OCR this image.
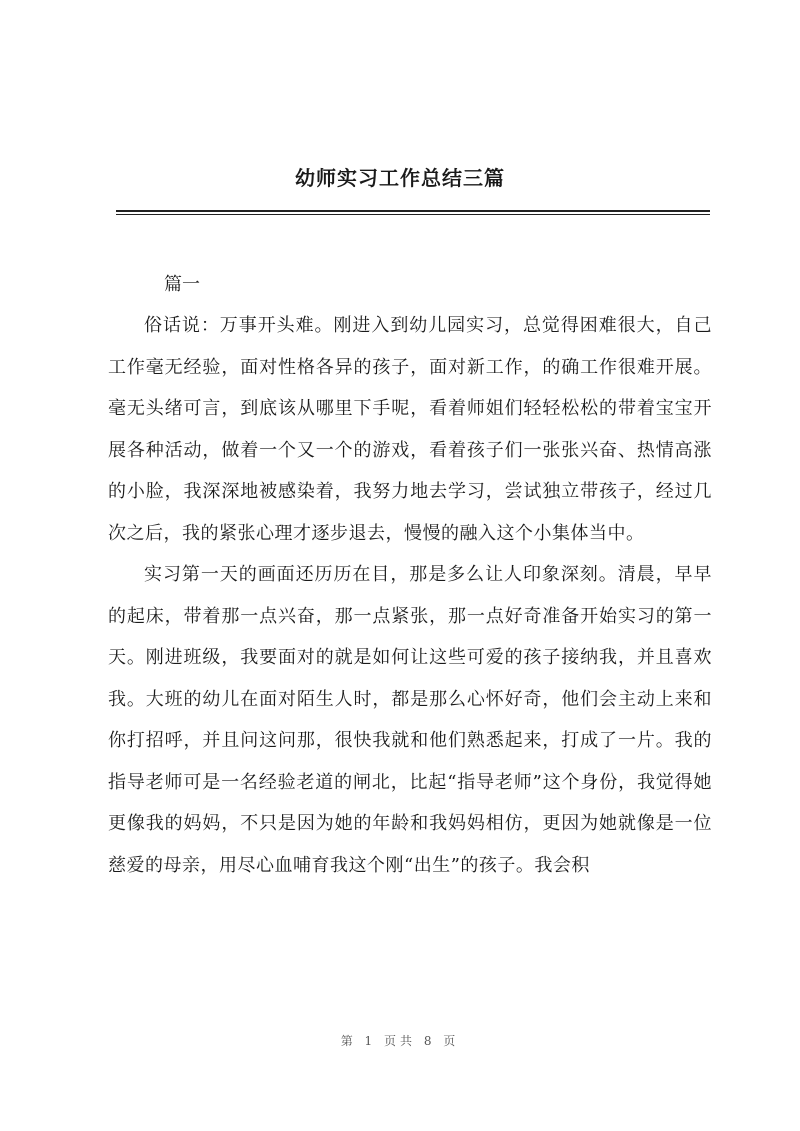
幼师实习工作总结三篇

篇一

俗话说：万事开头难。刚进入到幼儿园实习，总觉得困难很大，自己工作毫无经验，面对性格各异的孩子，面对新工作，的确工作很难开展。毫无头绪可言，到底该从哪里下手呢，看着师姐们轻轻松松的带着宝宝开展各种活动，做着一个又一个的游戏，看着孩子们一张张兴奋、热情高涨的小脸，我深深地被感染着，我努力地去学习，尝试独立带孩子，经过几次之后，我的紧张心理才逐步退去，慢慢的融入这个小集体当中。

实习第一天的画面还历历在目，那是多么让人印象深刻。清晨，早早的起床，带着那一点兴奋，那一点紧张，那一点好奇准备开始实习的第一天。刚进班级，我要面对的就是如何让这些可爱的孩子接纳我，并且喜欢我。大班的幼儿在面对陌生人时，都是那么心怀好奇，他们会主动上来和你打招呼，并且问这问那，很快我就和他们熟悉起来，打成了一片。我的指导老师可是一名经验老道的闸北，比起“指导老师”这个身份，我觉得她更像我的妈妈，不只是因为她的年龄和我妈妈相仿，更因为她就像是一位慈爱的母亲，用尽心血哺育我这个刚“出生”的孩子。我会积

第 1 页共 8 页
